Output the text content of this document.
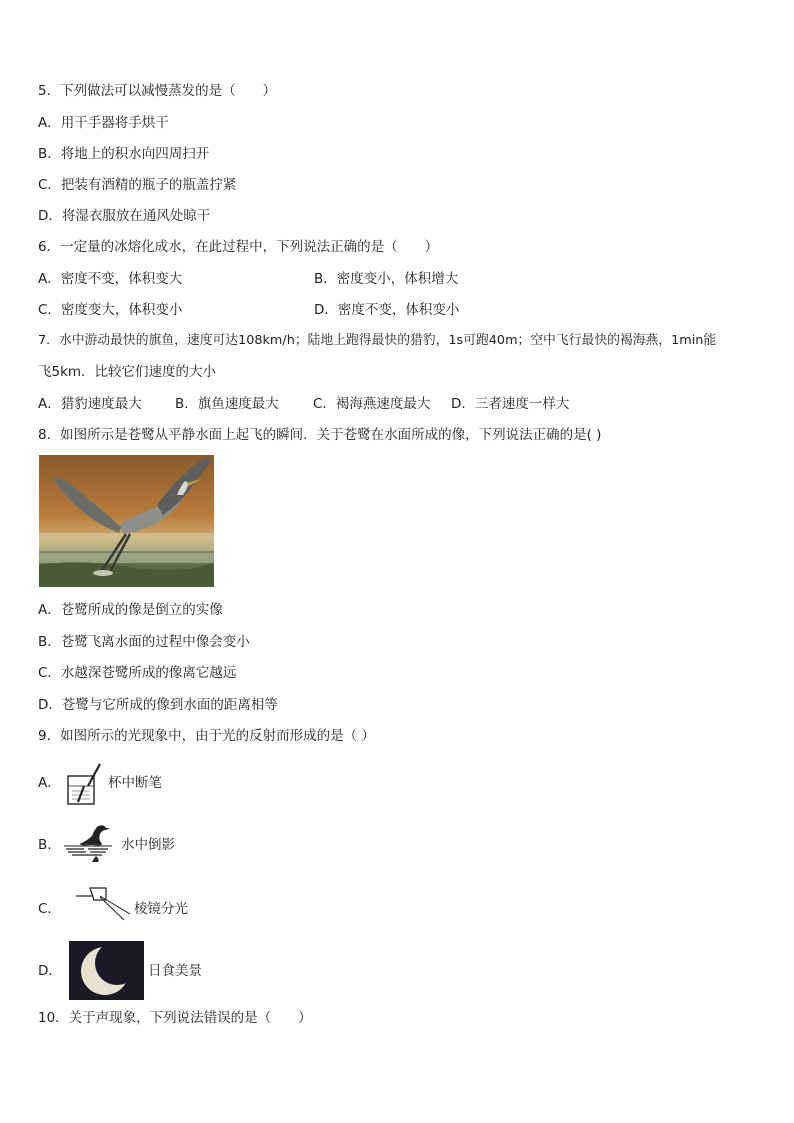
5．下列做法可以减慢蒸发的是（　　）
A．用干手器将手烘干
B．将地上的积水向四周扫开
C．把装有酒精的瓶子的瓶盖拧紧
D．将湿衣服放在通风处晾干
6．一定量的冰熔化成水，在此过程中，下列说法正确的是（　　）
A．密度不变，体积变大	B．密度变小，体积增大
C．密度变大，体积变小	D．密度不变，体积变小
7．水中游动最快的旗鱼，速度可达108km/h；陆地上跑得最快的猎豹，1s可跑40m；空中飞行最快的褐海燕，1min能
飞5km．比较它们速度的大小
A．猎豹速度最大 B．旗鱼速度最大	C．褐海燕速度最大 D．三者速度一样大
8．如图所示是苍鹭从平静水面上起飞的瞬间．关于苍鹭在水面所成的像，下列说法正确的是( )
A．苍鹭所成的像是倒立的实像
B．苍鹭飞离水面的过程中像会变小
C．水越深苍鹭所成的像离它越远
D．苍鹭与它所成的像到水面的距离相等
9．如图所示的光现象中，由于光的反射而形成的是（ ）
A．	杯中断笔
B．	水中倒影
C．	棱镜分光
D．	日食美景
10．关于声现象，下列说法错误的是（　　）
